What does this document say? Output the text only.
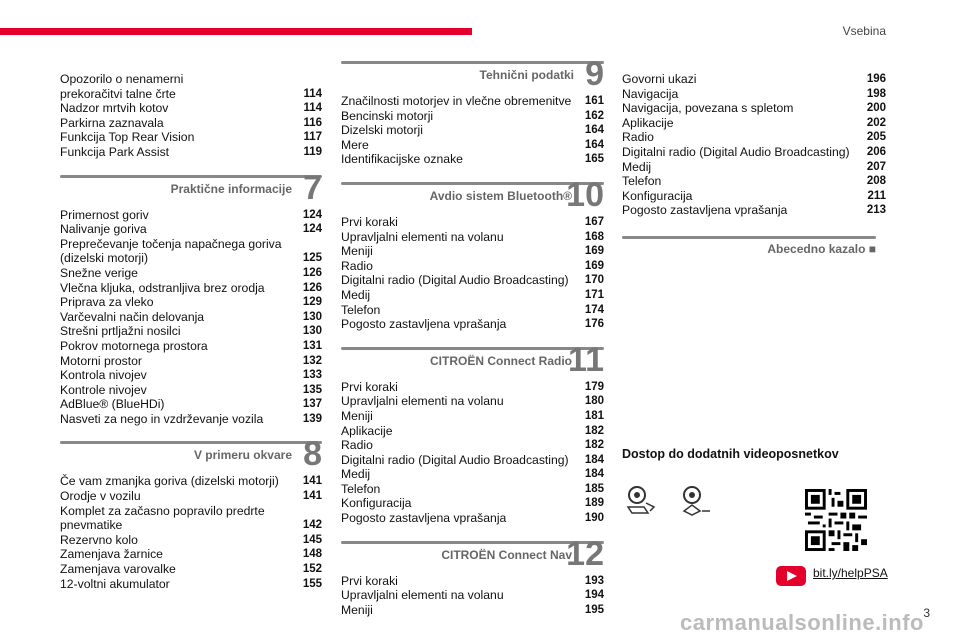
Vsebina
Opozorilo o nenamerni
prekoračitvi talne črte	114
Nadzor mrtvih kotov	114
Parkirna zaznavala	116
Funkcija Top Rear Vision	117
Funkcija Park Assist	119
Praktične informacije 7
Primernost goriv	124
Nalivanje goriva	124
Preprečevanje točenja napačnega goriva
(dizelski motorji)	125
Snežne verige	126
Vlečna kljuka, odstranljiva brez orodja	126
Priprava za vleko	129
Varčevalni način delovanja	130
Strešni prtljažni nosilci	130
Pokrov motornega prostora	131
Motorni prostor	132
Kontrola nivojev	133
Kontrole nivojev	135
AdBlue® (BlueHDi)	137
Nasveti za nego in vzdrževanje vozila	139
V primeru okvare 8
Če vam zmanjka goriva (dizelski motorji)	141
Orodje v vozilu	141
Komplet za začasno popravilo predrte
pnevmatike	142
Rezervno kolo	145
Zamenjava žarnice	148
Zamenjava varovalke	152
12-voltni akumulator	155
Tehnični podatki 9
Značilnosti motorjev in vlečne obremenitve	161
Bencinski motorji	162
Dizelski motorji	164
Mere	164
Identifikacijske oznake	165
Avdio sistem Bluetooth®
10
Prvi koraki	167
Upravljalni elementi na volanu	168
Meniji	169
Radio	169
Digitalni radio (Digital Audio Broadcasting)	170
Medij	171
Telefon	174
Pogosto zastavljena vprašanja	176
CITROËN Connect Radio
11
Prvi koraki	179
Upravljalni elementi na volanu	180
Meniji	181
Aplikacije	182
Radio	182
Digitalni radio (Digital Audio Broadcasting)	184
Medij	184
Telefon	185
Konfiguracija	189
Pogosto zastavljena vprašanja	190
CITROËN Connect Nav
12
Prvi koraki	193
Upravljalni elementi na volanu	194
Meniji	195
Govorni ukazi	196
Navigacija	198
Navigacija, povezana s spletom	200
Aplikacije	202
Radio	205
Digitalni radio (Digital Audio Broadcasting)	206
Medij	207
Telefon	208
Konfiguracija	211
Pogosto zastavljena vprašanja	213
Abecedno kazalo ■
Dostop do dodatnih videoposnetkov
bit.ly/helpPSA
carmanualsonline.info 3
